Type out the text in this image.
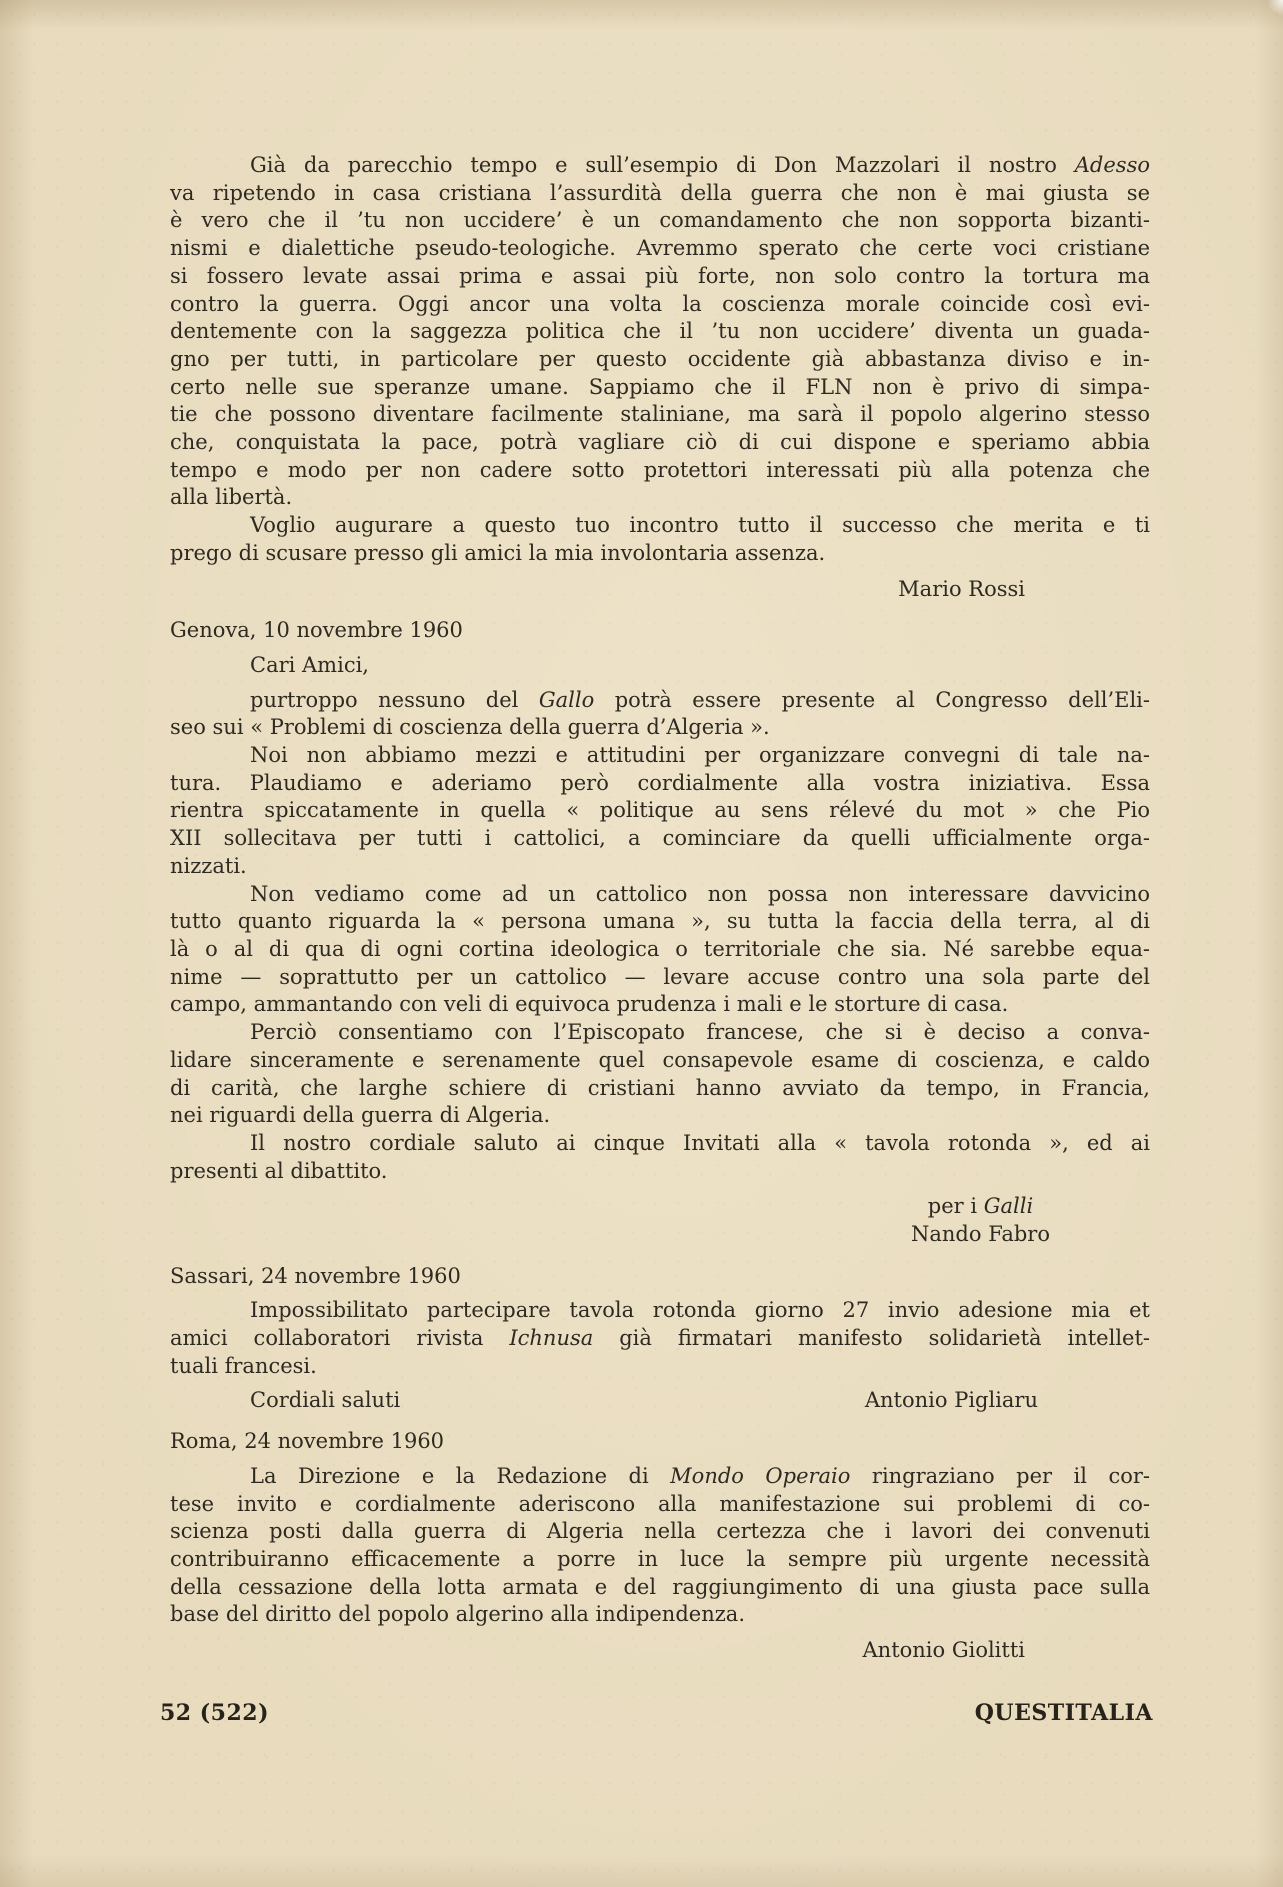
Già da parecchio tempo e sull’esempio di Don Mazzolari il nostro Adesso
va ripetendo in casa cristiana l’assurdità della guerra che non è mai giusta se
è vero che il ’tu non uccidere’ è un comandamento che non sopporta bizanti-
nismi e dialettiche pseudo-teologiche. Avremmo sperato che certe voci cristiane
si fossero levate assai prima e assai più forte, non solo contro la tortura ma
contro la guerra. Oggi ancor una volta la coscienza morale coincide così evi-
dentemente con la saggezza politica che il ’tu non uccidere’ diventa un guada-
gno per tutti, in particolare per questo occidente già abbastanza diviso e in-
certo nelle sue speranze umane. Sappiamo che il FLN non è privo di simpa-
tie che possono diventare facilmente staliniane, ma sarà il popolo algerino stesso
che, conquistata la pace, potrà vagliare ciò di cui dispone e speriamo abbia
tempo e modo per non cadere sotto protettori interessati più alla potenza che
alla libertà.
Voglio augurare a questo tuo incontro tutto il successo che merita e ti
prego di scusare presso gli amici la mia involontaria assenza.
Mario Rossi
Genova, 10 novembre 1960
Cari Amici,
purtroppo nessuno del Gallo potrà essere presente al Congresso dell’Eli-
seo sui « Problemi di coscienza della guerra d’Algeria ».
Noi non abbiamo mezzi e attitudini per organizzare convegni di tale na-
tura. Plaudiamo e aderiamo però cordialmente alla vostra iniziativa. Essa
rientra spiccatamente in quella « politique au sens rélevé du mot » che Pio
XII sollecitava per tutti i cattolici, a cominciare da quelli ufficialmente orga-
nizzati.
Non vediamo come ad un cattolico non possa non interessare davvicino
tutto quanto riguarda la « persona umana », su tutta la faccia della terra, al di
là o al di qua di ogni cortina ideologica o territoriale che sia. Né sarebbe equa-
nime — soprattutto per un cattolico — levare accuse contro una sola parte del
campo, ammantando con veli di equivoca prudenza i mali e le storture di casa.
Perciò consentiamo con l’Episcopato francese, che si è deciso a conva-
lidare sinceramente e serenamente quel consapevole esame di coscienza, e caldo
di carità, che larghe schiere di cristiani hanno avviato da tempo, in Francia,
nei riguardi della guerra di Algeria.
Il nostro cordiale saluto ai cinque Invitati alla « tavola rotonda », ed ai
presenti al dibattito.
per i Galli
Nando Fabro
Sassari, 24 novembre 1960
Impossibilitato partecipare tavola rotonda giorno 27 invio adesione mia et
amici collaboratori rivista Ichnusa già firmatari manifesto solidarietà intellet-
tuali francesi.
Cordiali saluti	Antonio Pigliaru
Roma, 24 novembre 1960
La Direzione e la Redazione di Mondo Operaio ringraziano per il cor-
tese invito e cordialmente aderiscono alla manifestazione sui problemi di co-
scienza posti dalla guerra di Algeria nella certezza che i lavori dei convenuti
contribuiranno efficacemente a porre in luce la sempre più urgente necessità
della cessazione della lotta armata e del raggiungimento di una giusta pace sulla
base del diritto del popolo algerino alla indipendenza.
Antonio Giolitti
52 (522)	QUESTITALIA
